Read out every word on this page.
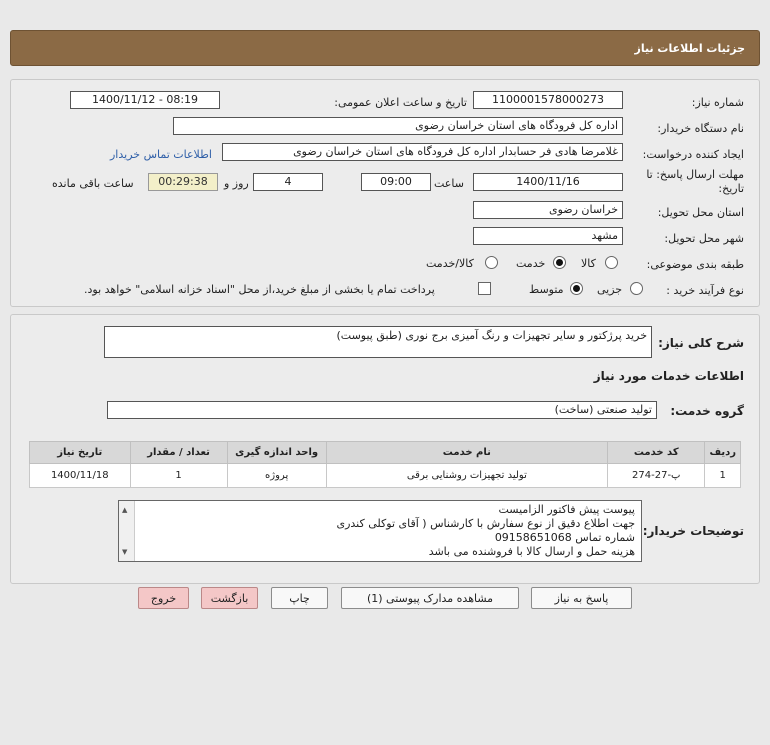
جزئیات اطلاعات نیاز
شماره نیاز:
1100001578000273
تاریخ و ساعت اعلان عمومی:
1400/11/12 - 08:19
نام دستگاه خریدار:
اداره کل فرودگاه های استان خراسان رضوی
ایجاد کننده درخواست:
غلامرضا هادی فر حسابدار اداره کل فرودگاه های استان خراسان رضوی
اطلاعات تماس خریدار
مهلت ارسال پاسخ: تا تاریخ:
1400/11/16
ساعت
09:00
4
روز و
00:29:38
ساعت باقی مانده
استان محل تحویل:
خراسان رضوی
شهر محل تحویل:
مشهد
طبقه بندی موضوعی:
کالا
خدمت
کالا/خدمت
نوع فرآیند خرید :
جزیی
متوسط
پرداخت تمام یا بخشی از مبلغ خرید،از محل "اسناد خزانه اسلامی" خواهد بود.
شرح کلی نیاز:
خرید پرژکتور و سایر تجهیزات و رنگ آمیزی برج نوری (طبق پیوست)
اطلاعات خدمات مورد نیاز
گروه خدمت:
تولید صنعتی (ساخت)
ردیف	کد خدمت	نام خدمت	واحد اندازه گیری	تعداد / مقدار	تاریخ نیاز
1	پ-27-274	تولید تجهیزات روشنایی برقی	پروژه	1	1400/11/18
توضیحات خریدار:
▲
▼
پیوست پیش فاکتور الزامیست
جهت اطلاع دقیق از نوع سفارش با کارشناس ( آقای توکلی کندری
شماره تماس 09158651068
هزینه حمل و ارسال کالا با فروشنده می باشد
پاسخ به نیاز
مشاهده مدارک پیوستی (1)
چاپ
بازگشت
خروج
